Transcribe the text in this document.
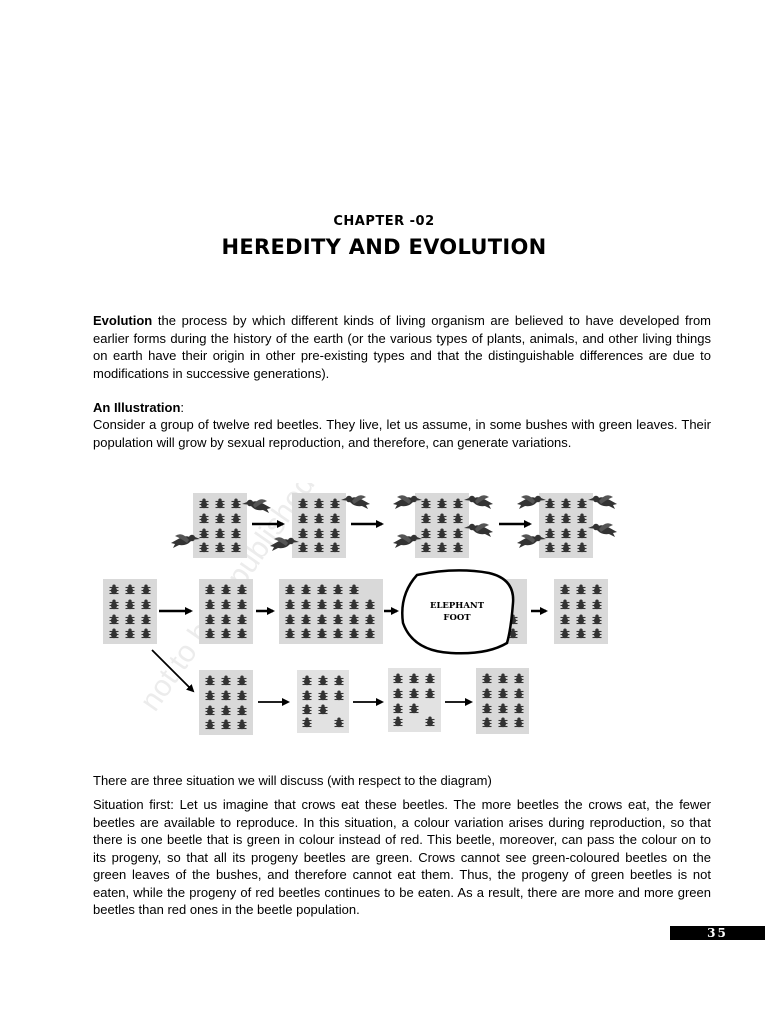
CHAPTER -02
HEREDITY AND EVOLUTION

Evolution the process by which different kinds of living organism are believed to have developed from earlier forms during the history of the earth (or the various types of plants, animals, and other living things on earth have their origin in other pre-existing types and that the distinguishable differences are due to modifications in successive generations).

An Illustration:

Consider a group of twelve red beetles. They live, let us assume, in some bushes with green leaves. Their population will grow by sexual reproduction, and therefore, can generate variations.

not to republished	ELEPHANT
FOOT

There are three situation we will discuss (with respect to the diagram)

Situation first: Let us imagine that crows eat these beetles. The more beetles the crows eat, the fewer beetles are available to reproduce. In this situation, a colour variation arises during reproduction, so that there is one beetle that is green in colour instead of red. This beetle, moreover, can pass the colour on to its progeny, so that all its progeny beetles are green. Crows cannot see green-coloured beetles on the green leaves of the bushes, and therefore cannot eat them. Thus, the progeny of green beetles is not eaten, while the progeny of red beetles continues to be eaten. As a result, there are more and more green beetles than red ones in the beetle population.

35
